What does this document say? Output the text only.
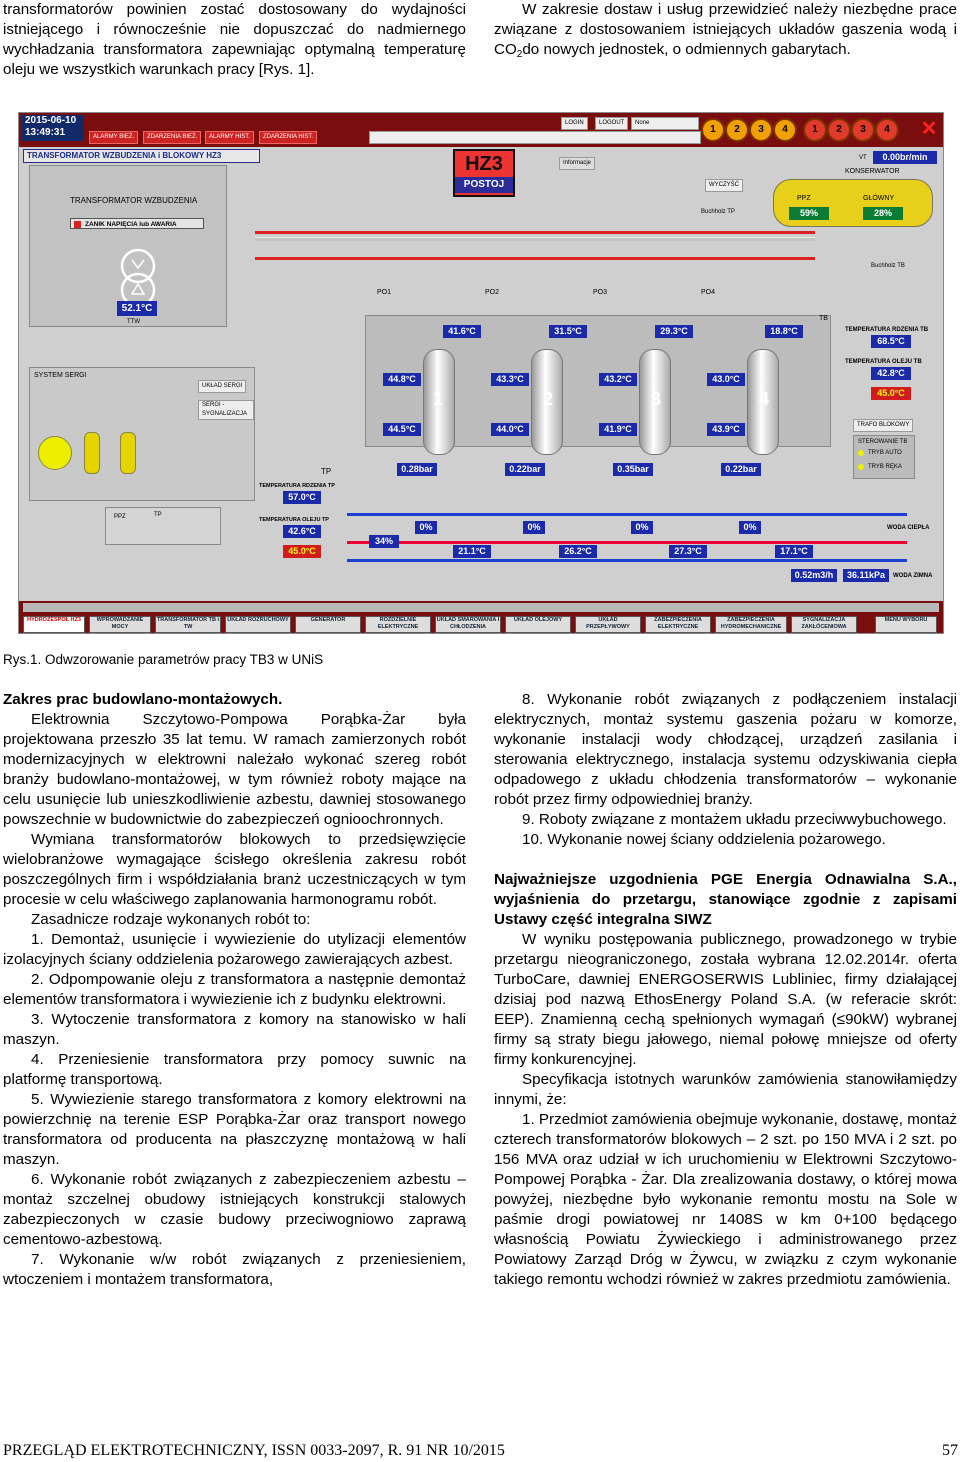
transformatorów powinien zostać dostosowany do wydajności istniejącego i równocześnie nie dopuszczać do nadmiernego wychładzania transformatora zapewniając optymalną temperaturę oleju we wszystkich warunkach pracy [Rys. 1].

W zakresie dostaw i usług przewidzieć należy niezbędne prace związane z dostosowaniem istniejących układów gaszenia wodą i CO2do nowych jednostek, o odmiennych gabarytach.

2015-06-10
13:49:31	ALARMY BIEŻ.	ZDARZENIA BIEŻ.	ALARMY HIST.	ZDARZENIA HIST.
LOGIN	LOGOUT	None
1	2	3	4	1	2	3	4	✕
TRANSFORMATOR WZBUDZENIA i BLOKOWY HZ3	HZ3
POSTOJ
Informacje
TRANSFORMATOR WZBUDZENIA
ZANIK NAPIĘCIA lub AWARIA
52.1°C
TTW
VT	0.00br/min
KONSERWATOR
PPZ
59%
GŁÓWNY
28%
WYCZYŚĆ
Buchholz TP
Buchholz TB
PO1	PO2	PO3	PO4
TB
41.6°C	31.5°C	29.3°C	18.8°C
44.8°C	43.3°C	43.2°C	43.0°C
1	2	3	4
44.5°C	44.0°C	41.9°C	43.9°C
0.28bar	0.22bar	0.35bar	0.22bar
0%	0%	0%	0%
21.1°C	26.2°C	27.3°C	17.1°C
TEMPERATURA RDZENIA TB
68.5°C
TEMPERATURA OLEJU TB
42.8°C
45.0°C
TRAFO BLOKOWY
STEROWANIE TB
TRYB AUTO
TRYB RĘKA
SYSTEM SERGI
UKŁAD SERGI
SERGI - SYGNALIZACJA
TP
TEMPERATURA RDZENIA TP
57.0°C
PPZ	TP
TEMPERATURA OLEJU TP
42.6°C
45.0°C
34%
WODA CIEPŁA
0.52m3/h	36.11kPa	WODA ZIMNA
HYDROZESPÓŁ HZ3	WPROWADZANIE MOCY
TRANSFORMATOR TB i TW
UKŁAD ROZRUCHOWY	GENERATOR	ROZDZIELNIE ELEKTRYCZNE
UKŁAD SMAROWANIA I CHŁODZENIA
UKŁAD OLEJOWY	UKŁAD PRZEPŁYWOWY
ZABEZPIECZENIA ELEKTRYCZNE
ZABEZPIECZENIA HYDROMECHANICZNE
SYGNALIZACJA ZAKŁÓCENIOWA
MENU WYBORU
Rys.1. Odwzorowanie parametrów pracy TB3 w UNiS

Zakres prac budowlano-montażowych.

Elektrownia Szczytowo-Pompowa Porąbka-Żar była projektowana przeszło 35 lat temu. W ramach zamierzonych robót modernizacyjnych w elektrowni należało wykonać szereg robót branży budowlano-montażowej, w tym również roboty mające na celu usunięcie lub unieszkodliwienie azbestu, dawniej stosowanego powszechnie w budownictwie do zabezpieczeń ognioochronnych.

Wymiana transformatorów blokowych to przedsięwzięcie wielobranżowe wymagające ścisłego określenia zakresu robót poszczególnych firm i współdziałania branż uczestniczących w tym procesie w celu właściwego zaplanowania harmonogramu robót.

Zasadnicze rodzaje wykonanych robót to:

1. Demontaż, usunięcie i wywiezienie do utylizacji elementów izolacyjnych ściany oddzielenia pożarowego zawierających azbest.

2. Odpompowanie oleju z transformatora a następnie demontaż elementów transformatora i wywiezienie ich z budynku elektrowni.

3. Wytoczenie transformatora z komory na stanowisko w hali maszyn.

4. Przeniesienie transformatora przy pomocy suwnic na platformę transportową.

5. Wywiezienie starego transformatora z komory elektrowni na powierzchnię na terenie ESP Porąbka-Żar oraz transport nowego transformatora od producenta na płaszczyznę montażową w hali maszyn.

6. Wykonanie robót związanych z zabezpieczeniem azbestu – montaż szczelnej obudowy istniejących konstrukcji stalowych zabezpieczonych w czasie budowy przeciwogniowo zaprawą cementowo-azbestową.

7. Wykonanie w/w robót związanych z przeniesieniem, wtoczeniem i montażem transformatora,

8. Wykonanie robót związanych z podłączeniem instalacji elektrycznych, montaż systemu gaszenia pożaru w komorze, wykonanie instalacji wody chłodzącej, urządzeń zasilania i sterowania elektrycznego, instalacja systemu odzyskiwania ciepła odpadowego z układu chłodzenia transformatorów – wykonanie robót przez firmy odpowiedniej branży.

9. Roboty związane z montażem układu przeciwwybuchowego.

10. Wykonanie nowej ściany oddzielenia pożarowego.

Najważniejsze uzgodnienia PGE Energia Odnawialna S.A., wyjaśnienia do przetargu, stanowiące zgodnie z zapisami Ustawy część integralna SIWZ

W wyniku postępowania publicznego, prowadzonego w trybie przetargu nieograniczonego, została wybrana 12.02.2014r. oferta TurboCare, dawniej ENERGOSERWIS Lubliniec, firmy działającej dzisiaj pod nazwą EthosEnergy Poland S.A. (w referacie skrót: EEP). Znamienną cechą spełnionych wymagań (≤90kW) wybranej firmy są straty biegu jałowego, niemal połowę mniejsze od oferty firmy konkurencyjnej.

Specyfikacja istotnych warunków zamówienia stanowiłamiędzy innymi, że:

1. Przedmiot zamówienia obejmuje wykonanie, dostawę, montaż czterech transformatorów blokowych – 2 szt. po 150 MVA i 2 szt. po 156 MVA oraz udział w ich uruchomieniu w Elektrowni Szczytowo-Pompowej Porąbka - Żar. Dla zrealizowania dostawy, o której mowa powyżej, niezbędne było wykonanie remontu mostu na Sole w paśmie drogi powiatowej nr 1408S w km 0+100 będącego własnością Powiatu Żywieckiego i administrowanego przez Powiatowy Zarząd Dróg w Żywcu, w związku z czym wykonanie takiego remontu wchodzi również w zakres przedmiotu zamówienia.

PRZEGLĄD ELEKTROTECHNICZNY, ISSN 0033-2097, R. 91 NR 10/2015	57
